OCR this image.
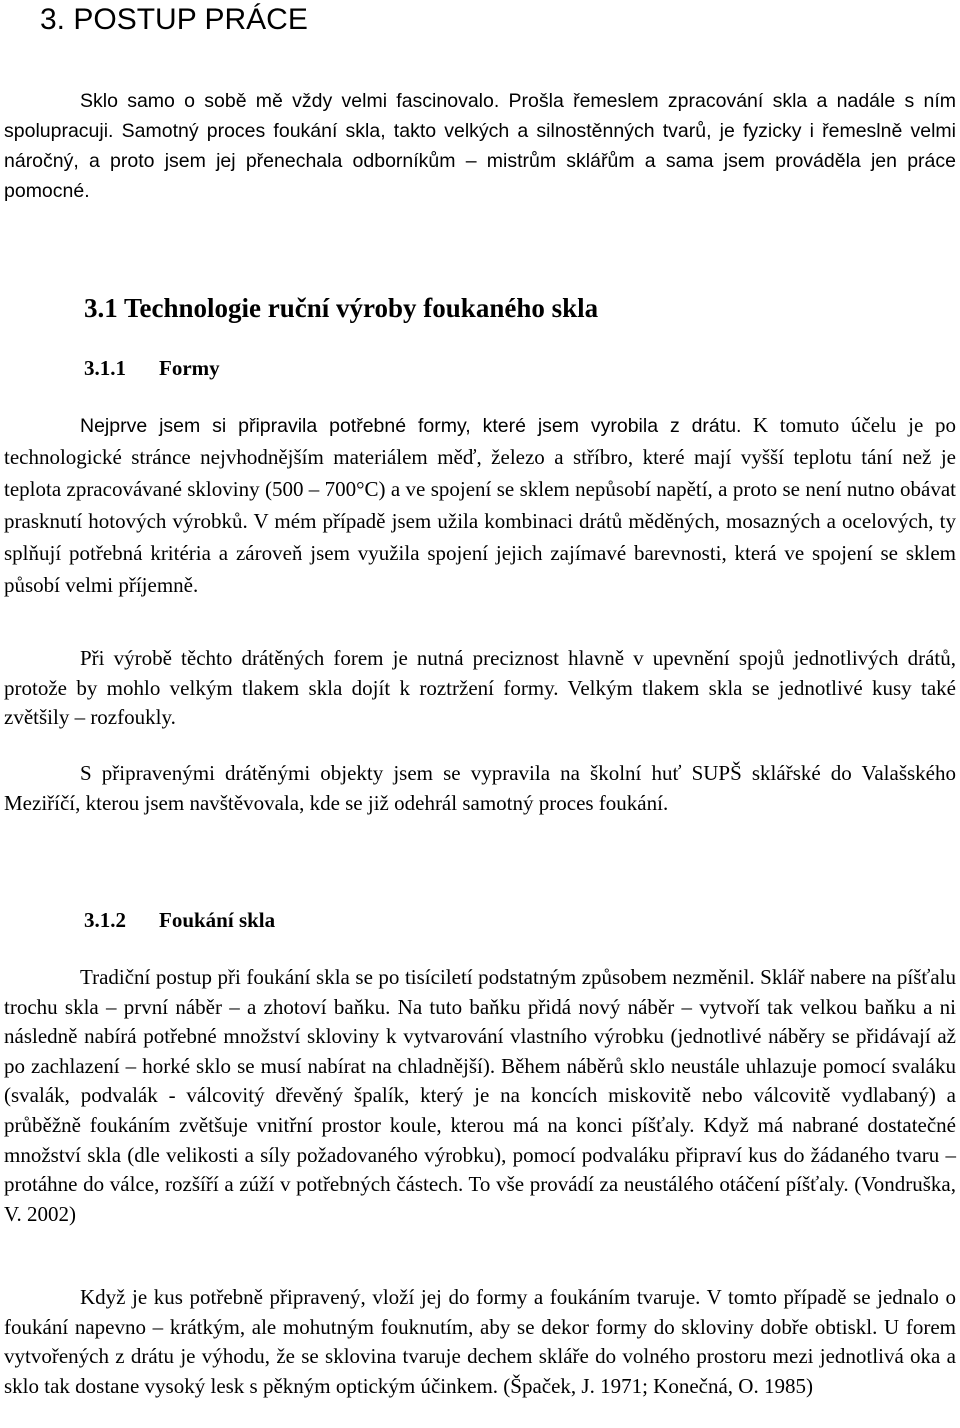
3. POSTUP PRÁCE

Sklo samo o sobě mě vždy velmi fascinovalo. Prošla řemeslem zpracování skla a nadále s ním spolupracuji. Samotný proces foukání skla, takto velkých a silnostěnných tvarů, je fyzicky i řemeslně velmi náročný, a proto jsem jej přenechala odborníkům – mistrům sklářům a sama jsem prováděla jen práce pomocné.

3.1 Technologie ruční výroby foukaného skla
3.1.1 Formy

Nejprve jsem si připravila potřebné formy, které jsem vyrobila z drátu. K tomuto účelu je po technologické stránce nejvhodnějším materiálem měď, železo a stříbro, které mají vyšší teplotu tání než je teplota zpracovávané skloviny (500 – 700°C) a ve spojení se sklem nepůsobí napětí, a proto se není nutno obávat prasknutí hotových výrobků. V mém případě jsem užila kombinaci drátů měděných, mosazných a ocelových, ty splňují potřebná kritéria a zároveň jsem využila spojení jejich zajímavé barevnosti, která ve spojení se sklem působí velmi příjemně.

Při výrobě těchto drátěných forem je nutná preciznost hlavně v upevnění spojů jednotlivých drátů, protože by mohlo velkým tlakem skla dojít k roztržení formy. Velkým tlakem skla se jednotlivé kusy také zvětšily – rozfoukly.

S připravenými drátěnými objekty jsem se vypravila na školní huť SUPŠ sklářské do Valašského Meziříčí, kterou jsem navštěvovala, kde se již odehrál samotný proces foukání.

3.1.2 Foukání skla

Tradiční postup při foukání skla se po tisíciletí podstatným způsobem nezměnil. Sklář nabere na píšťalu trochu skla – první náběr – a zhotoví baňku. Na tuto baňku přidá nový náběr – vytvoří tak velkou baňku a ni následně nabírá potřebné množství skloviny k vytvarování vlastního výrobku (jednotlivé náběry se přidávají až po zachlazení – horké sklo se musí nabírat na chladnější). Během náběrů sklo neustále uhlazuje pomocí svaláku (svalák, podvalák - válcovitý dřevěný špalík, který je na koncích miskovitě nebo válcovitě vydlabaný) a průběžně foukáním zvětšuje vnitřní prostor koule, kterou má na konci píšťaly. Když má nabrané dostatečné množství skla (dle velikosti a síly požadovaného výrobku), pomocí podvaláku připraví kus do žádaného tvaru – protáhne do válce, rozšíří a zúží v potřebných částech. To vše provádí za neustálého otáčení píšťaly. (Vondruška, V. 2002)

Když je kus potřebně připravený, vloží jej do formy a foukáním tvaruje. V tomto případě se jednalo o foukání napevno – krátkým, ale mohutným fouknutím, aby se dekor formy do skloviny dobře obtiskl. U forem vytvořených z drátu je výhodu, že se sklovina tvaruje dechem skláře do volného prostoru mezi jednotlivá oka a sklo tak dostane vysoký lesk s pěkným optickým účinkem. (Špaček, J. 1971; Konečná, O. 1985)
